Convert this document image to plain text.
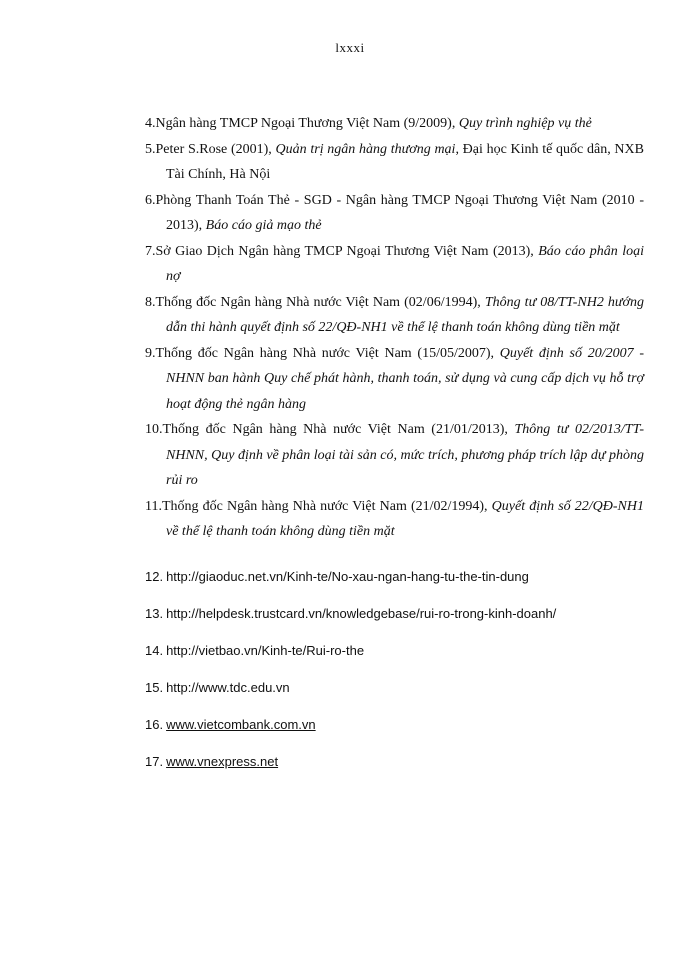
lxxxi
4.Ngân hàng TMCP Ngoại Thương Việt Nam (9/2009), Quy trình nghiệp vụ thẻ
5.Peter S.Rose (2001), Quản trị ngân hàng thương mại, Đại học Kinh tế quốc dân, NXB Tài Chính, Hà Nội
6.Phòng Thanh Toán Thẻ - SGD - Ngân hàng TMCP Ngoại Thương Việt Nam (2010 - 2013), Báo cáo giả mạo thẻ
7.Sở Giao Dịch Ngân hàng TMCP Ngoại Thương Việt Nam (2013), Báo cáo phân loại nợ
8.Thống đốc Ngân hàng Nhà nước Việt Nam (02/06/1994), Thông tư 08/TT-NH2 hướng dẫn thi hành quyết định số 22/QĐ-NH1 về thể lệ thanh toán không dùng tiền mặt
9.Thống đốc Ngân hàng Nhà nước Việt Nam (15/05/2007), Quyết định số 20/2007 - NHNN ban hành Quy chế phát hành, thanh toán, sử dụng và cung cấp dịch vụ hỗ trợ hoạt động thẻ ngân hàng
10.Thống đốc Ngân hàng Nhà nước Việt Nam (21/01/2013), Thông tư 02/2013/TT-NHNN, Quy định về phân loại tài sản có, mức trích, phương pháp trích lập dự phòng rủi ro
11.Thống đốc Ngân hàng Nhà nước Việt Nam (21/02/1994), Quyết định số 22/QĐ-NH1 về thể lệ thanh toán không dùng tiền mặt
12. http://giaoduc.net.vn/Kinh-te/No-xau-ngan-hang-tu-the-tin-dung
13. http://helpdesk.trustcard.vn/knowledgebase/rui-ro-trong-kinh-doanh/
14. http://vietbao.vn/Kinh-te/Rui-ro-the
15. http://www.tdc.edu.vn
16. www.vietcombank.com.vn
17. www.vnexpress.net
